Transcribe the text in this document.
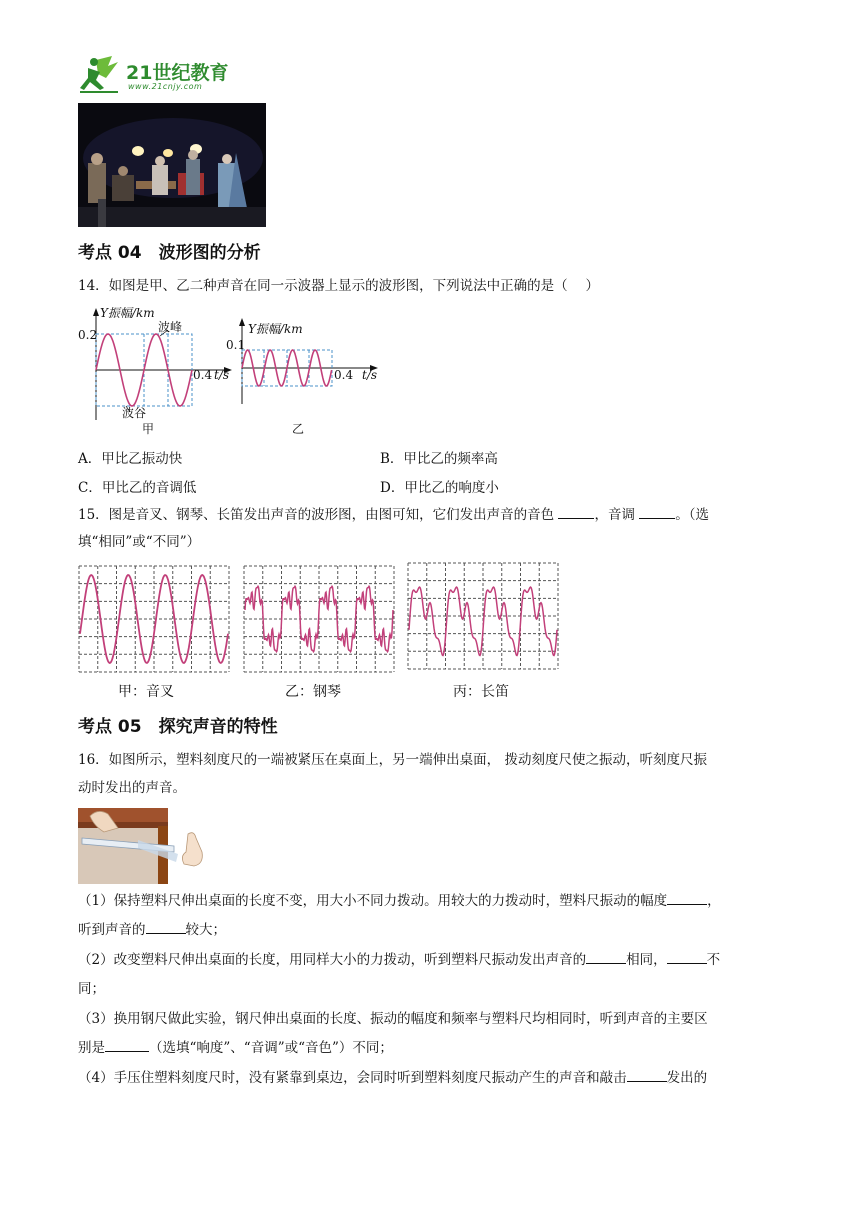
21世纪教育
www.21cnjy.com
考点 04　波形图的分析
14．如图是甲、乙二种声音在同一示波器上显示的波形图，下列说法中正确的是（　 ）
Y振幅/km
0.2
波峰
0.4 t/s
波谷
甲
Y振幅/km
0.1
0.4 t/s
乙
A．甲比乙振动快	B．甲比乙的频率高
C．甲比乙的音调低	D．甲比乙的响度小
15．图是音叉、钢琴、长笛发出声音的波形图，由图可知，它们发出声音的音色	，音调	。（选
填“相同”或“不同”）
甲：音叉	乙：钢琴	丙：长笛
考点 05　探究声音的特性
16．如图所示，塑料刻度尺的一端被紧压在桌面上，另一端伸出桌面， 拨动刻度尺使之振动，听刻度尺振
动时发出的声音。
（1）保持塑料尺伸出桌面的长度不变，用大小不同力拨动。用较大的力拨动时，塑料尺振动的幅度	，
听到声音的	较大；
（2）改变塑料尺伸出桌面的长度，用同样大小的力拨动，听到塑料尺振动发出声音的	相同，	不
同；
（3）换用钢尺做此实验，钢尺伸出桌面的长度、振动的幅度和频率与塑料尺均相同时，听到声音的主要区
别是	（选填“响度”、“音调”或“音色”）不同；
（4）手压住塑料刻度尺时，没有紧靠到桌边，会同时听到塑料刻度尺振动产生的声音和敲击	发出的
